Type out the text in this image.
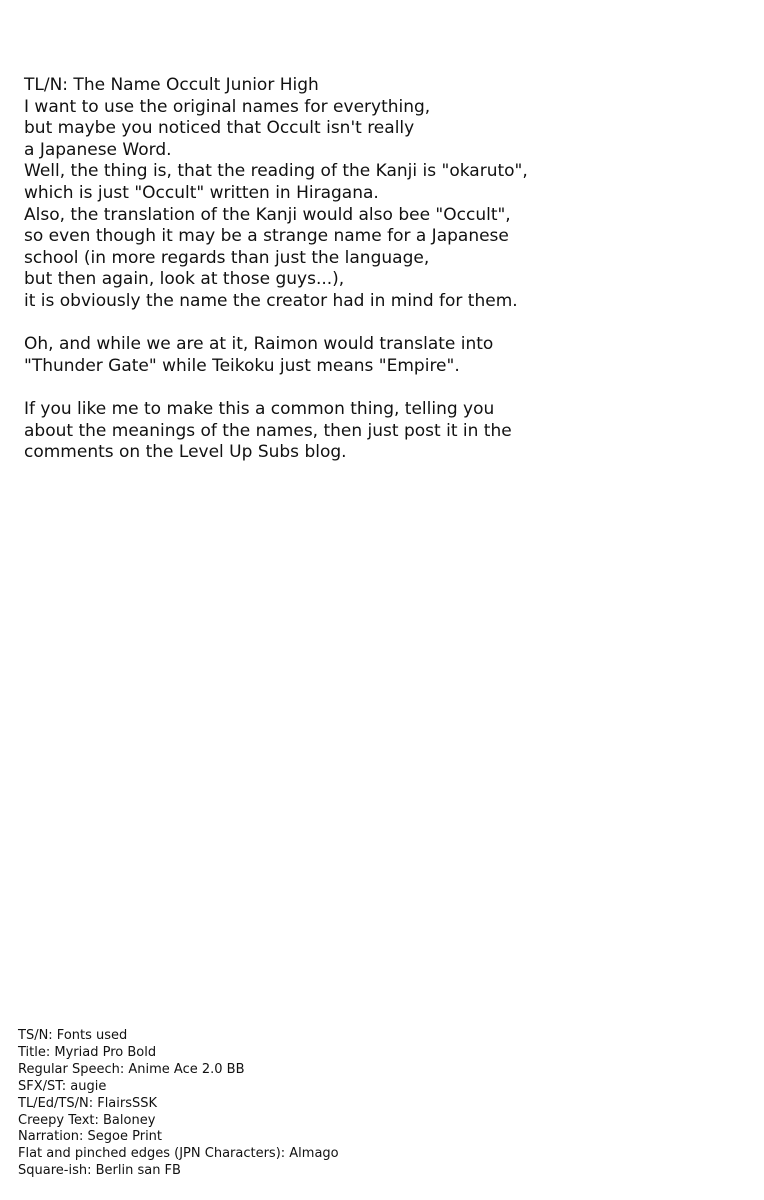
TL/N: The Name Occult Junior High
I want to use the original names for everything,
but maybe you noticed that Occult isn't really
a Japanese Word.
Well, the thing is, that the reading of the Kanji is "okaruto",
which is just "Occult" written in Hiragana.
Also, the translation of the Kanji would also bee "Occult",
so even though it may be a strange name for a Japanese
school (in more regards than just the language,
but then again, look at those guys...),
it is obviously the name the creator had in mind for them.
Oh, and while we are at it, Raimon would translate into
"Thunder Gate" while Teikoku just means "Empire".
If you like me to make this a common thing, telling you
about the meanings of the names, then just post it in the
comments on the Level Up Subs blog.
TS/N: Fonts used
Title: Myriad Pro Bold
Regular Speech: Anime Ace 2.0 BB
SFX/ST: augie
TL/Ed/TS/N: FlairsSSK
Creepy Text: Baloney
Narration: Segoe Print
Flat and pinched edges (JPN Characters): Almago
Square-ish: Berlin san FB
